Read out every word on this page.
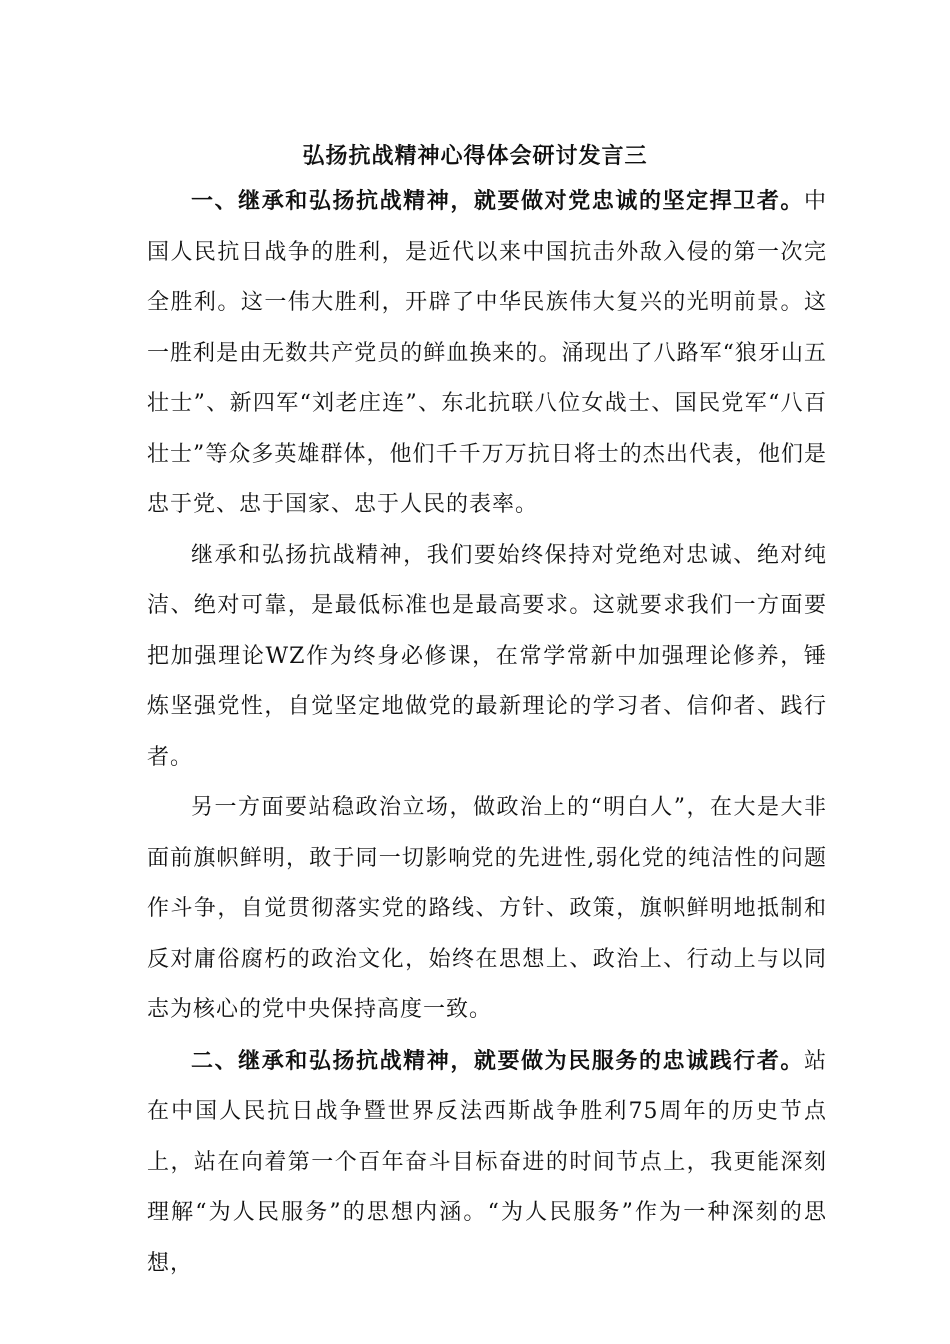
弘扬抗战精神心得体会研讨发言三

一、继承和弘扬抗战精神，就要做对党忠诚的坚定捍卫者。中国人民抗日战争的胜利，是近代以来中国抗击外敌入侵的第一次完全胜利。这一伟大胜利，开辟了中华民族伟大复兴的光明前景。这一胜利是由无数共产党员的鲜血换来的。涌现出了八路军“狼牙山五壮士”、新四军“刘老庄连”、东北抗联八位女战士、国民党军“八百壮士”等众多英雄群体，他们千千万万抗日将士的杰出代表，他们是忠于党、忠于国家、忠于人民的表率。

继承和弘扬抗战精神，我们要始终保持对党绝对忠诚、绝对纯洁、绝对可靠，是最低标准也是最高要求。这就要求我们一方面要把加强理论WZ作为终身必修课，在常学常新中加强理论修养，锤炼坚强党性，自觉坚定地做党的最新理论的学习者、信仰者、践行者。

另一方面要站稳政治立场，做政治上的“明白人”，在大是大非面前旗帜鲜明，敢于同一切影响党的先进性,弱化党的纯洁性的问题作斗争，自觉贯彻落实党的路线、方针、政策，旗帜鲜明地抵制和反对庸俗腐朽的政治文化，始终在思想上、政治上、行动上与以同志为核心的党中央保持高度一致。

二、继承和弘扬抗战精神，就要做为民服务的忠诚践行者。站在中国人民抗日战争暨世界反法西斯战争胜利75周年的历史节点上，站在向着第一个百年奋斗目标奋进的时间节点上，我更能深刻理解“为人民服务”的思想内涵。“为人民服务”作为一种深刻的思想，
